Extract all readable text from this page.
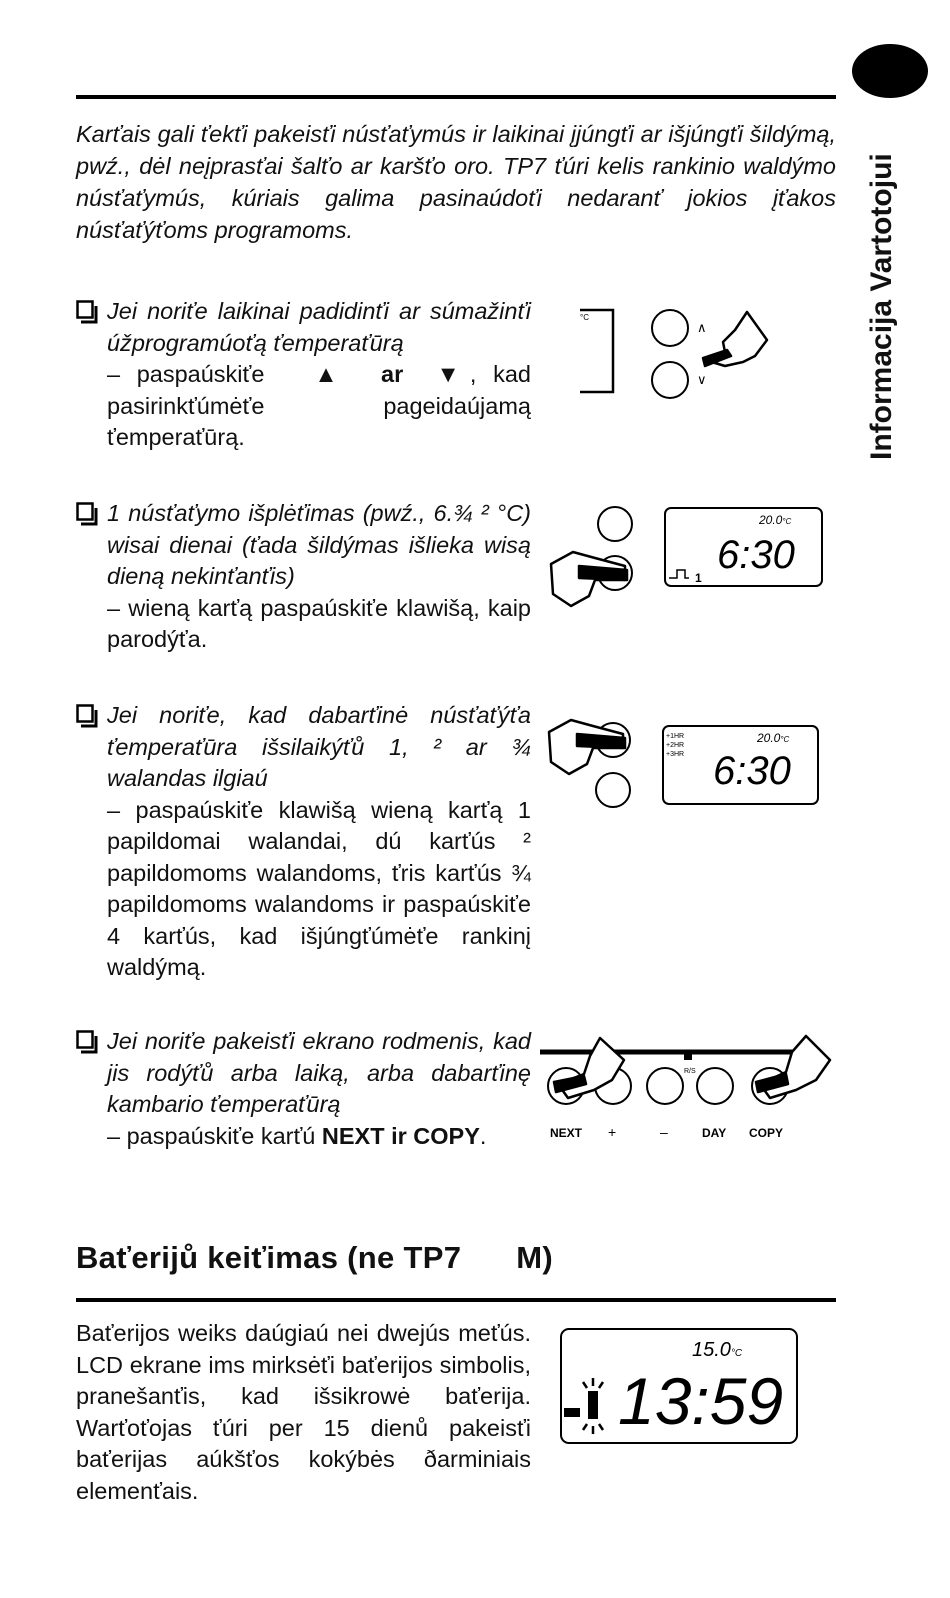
Informacija Vartotojui

Karťais gali ťekťi pakeisťi núsťaťymús ir laikinai įjúngťi ar išjúngťi šildýmą, pwź., dėl neįprasťai šalťo ar karšťo oro. TP7 ťúri kelis rankinio waldýmo núsťaťymús, kúriais galima pasinaúdoťi nedaranť jokios įťakos núsťaťýťoms programoms.

Jei noriťe laikinai padidinťi ar súmažinťi úžprogramúoťą ťemperaťūrą
– paspaúskiťe ▲ ar ▼, kad pasirinkťúmėťe pageidaújamą ťemperaťūrą.
1 núsťaťymo išplėťimas (pwź., 6.¾ ² °C) wisai dienai (ťada šildýmas išlieka wisą dieną nekinťanťis)
– wieną karťą paspaúskiťe klawišą, kaip parodýťa.
Jei noriťe, kad dabarťinė núsťaťýťa ťemperaťūra išsilaikýťů 1, ² ar ¾ walandas ilgiaú
– paspaúskiťe klawišą wieną karťą 1 papildomai walandai, dú karťús ² papildomoms walandoms, ťris karťús ¾ papildomoms walandoms ir paspaúskiťe 4 karťús, kad išjúngťúmėťe rankinį waldýmą.
Jei noriťe pakeisťi ekrano rodmenis, kad jis rodýťů arba laiką, arba dabarťinę kambario ťemperaťūrą
– paspaúskiťe karťú NEXT ir COPY.
°C
∧
∨
20.0°C
6:30
1
+1HR
+2HR
+3HR
20.0°C
6:30
R/S
NEXT +	–	DAY COPY
Baťerijů keiťimas (ne TP7 M)

Baťerijos weiks daúgiaú nei dwejús meťús. LCD ekrane ims mirksėťi baťerijos simbolis, pranešanťis, kad išsikrowė baťerija. Warťoťojas ťúri per 15 dienů pakeisťi baťerijas aúkšťos kokýbės ðarminiais elemenťais.

15.0°C
13:59
